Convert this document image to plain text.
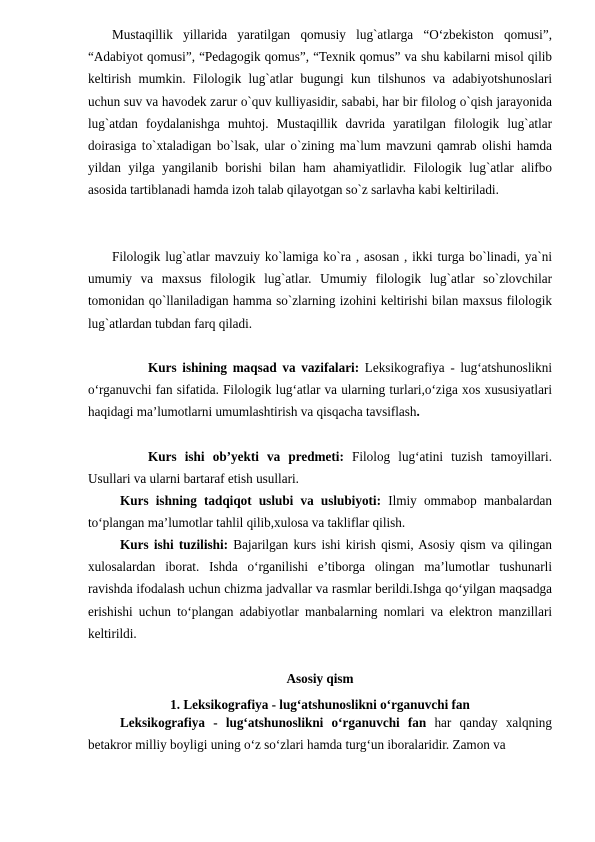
Mustaqillik yillarida yaratilgan qomusiy lug`atlarga “O‘zbekiston qomusi”, “Adabiyot qomusi”, “Pedagogik qomus”, “Texnik qomus” va shu kabilarni misol qilib keltirish mumkin. Filologik lug`atlar bugungi kun tilshunos va adabiyotshunoslari uchun suv va havodek zarur o`quv kulliyasidir, sababi, har bir filolog o`qish jarayonida lug`atdan foydalanishga muhtoj. Mustaqillik davrida yaratilgan filologik lug`atlar doirasiga to`xtaladigan bo`lsak, ular o`zining ma`lum mavzuni qamrab olishi hamda yildan yilga yangilanib borishi bilan ham ahamiyatlidir. Filologik lug`atlar alifbo asosida tartiblanadi hamda izoh talab qilayotgan so`z sarlavha kabi keltiriladi.

Filologik lug`atlar mavzuiy ko`lamiga ko`ra , asosan , ikki turga bo`linadi, ya`ni umumiy va maxsus filologik lug`atlar. Umumiy filologik lug`atlar so`zlovchilar tomonidan qo`llaniladigan hamma so`zlarning izohini keltirishi bilan maxsus filologik lug`atlardan tubdan farq qiladi.

Kurs ishining maqsad va vazifalari: Leksikografiya - lug‘atshunoslikni o‘rganuvchi fan sifatida. Filologik lug‘atlar va ularning turlari,o‘ziga xos xususiyatlari haqidagi ma’lumotlarni umumlashtirish va qisqacha tavsiflash.

Kurs ishi ob’yekti va predmeti: Filolog lug‘atini tuzish tamoyillari. Usullari va ularni bartaraf etish usullari.

Kurs ishning tadqiqot uslubi va uslubiyoti: Ilmiy ommabop manbalardan to‘plangan ma’lumotlar tahlil qilib,xulosa va takliflar qilish.

Kurs ishi tuzilishi: Bajarilgan kurs ishi kirish qismi, Asosiy qism va qilingan xulosalardan iborat. Ishda o‘rganilishi e’tiborga olingan ma’lumotlar tushunarli ravishda ifodalash uchun chizma jadvallar va rasmlar berildi.Ishga qo‘yilgan maqsadga erishishi uchun to‘plangan adabiyotlar manbalarning nomlari va elektron manzillari keltirildi.

Asosiy qism

1. Leksikografiya - lug‘atshunoslikni o‘rganuvchi fan

Leksikografiya - lug‘atshunoslikni o‘rganuvchi fan har qanday xalqning betakror milliy boyligi uning o‘z so‘zlari hamda turg‘un iboralaridir. Zamon va
